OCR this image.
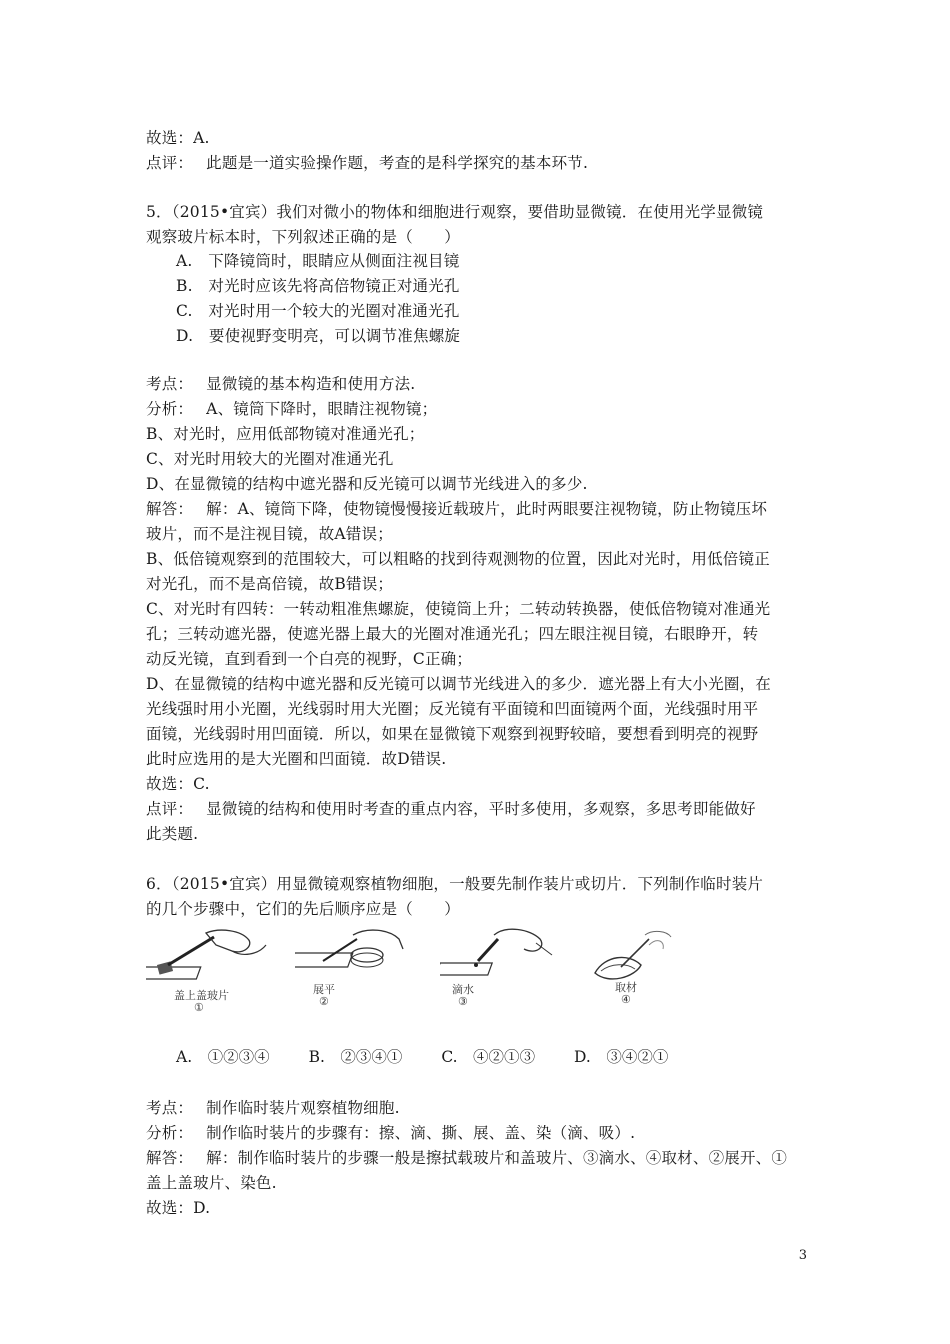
故选：A.
点评：　 此题是一道实验操作题，考查的是科学探究的基本环节.
5．（2015•宜宾）我们对微小的物体和细胞进行观察，要借助显微镜．在使用光学显微镜
观察玻片标本时，下列叙述正确的是（　　）
A.　下降镜筒时，眼睛应从侧面注视目镜
B.　对光时应该先将高倍物镜正对通光孔
C.　对光时用一个较大的光圈对准通光孔
D.　要使视野变明亮，可以调节准焦螺旋
考点：　 显微镜的基本构造和使用方法.
分析：　 A、镜筒下降时，眼睛注视物镜；
B、对光时，应用低部物镜对准通光孔；
C、对光时用较大的光圈对准通光孔
D、在显微镜的结构中遮光器和反光镜可以调节光线进入的多少.
解答：　 解：A、镜筒下降，使物镜慢慢接近载玻片，此时两眼要注视物镜，防止物镜压坏
玻片，而不是注视目镜，故A错误；
B、低倍镜观察到的范围较大，可以粗略的找到待观测物的位置，因此对光时，用低倍镜正
对光孔，而不是高倍镜，故B错误；
C、对光时有四转：一转动粗准焦螺旋，使镜筒上升；二转动转换器，使低倍物镜对准通光
孔；三转动遮光器，使遮光器上最大的光圈对准通光孔；四左眼注视目镜，右眼睁开，转
动反光镜，直到看到一个白亮的视野，C正确；
D、在显微镜的结构中遮光器和反光镜可以调节光线进入的多少．遮光器上有大小光圈，在
光线强时用小光圈，光线弱时用大光圈；反光镜有平面镜和凹面镜两个面，光线强时用平
面镜，光线弱时用凹面镜．所以，如果在显微镜下观察到视野较暗，要想看到明亮的视野
此时应选用的是大光圈和凹面镜．故D错误.
故选：C.
点评：　 显微镜的结构和使用时考查的重点内容，平时多使用，多观察，多思考即能做好
此类题.
6．（2015•宜宾）用显微镜观察植物细胞，一般要先制作装片或切片．下列制作临时装片
的几个步骤中，它们的先后顺序应是（　　）
盖上盖玻片
①
展平
②
滴水
③
取材
④
A.　①②③④	B.　②③④①	C.　④②①③	D.　③④②①
考点：　 制作临时装片观察植物细胞.
分析：　 制作临时装片的步骤有：擦、滴、撕、展、盖、染（滴、吸）.
解答：　 解：制作临时装片的步骤一般是擦拭载玻片和盖玻片、③滴水、④取材、②展开、①
盖上盖玻片、染色.
故选：D.
3
